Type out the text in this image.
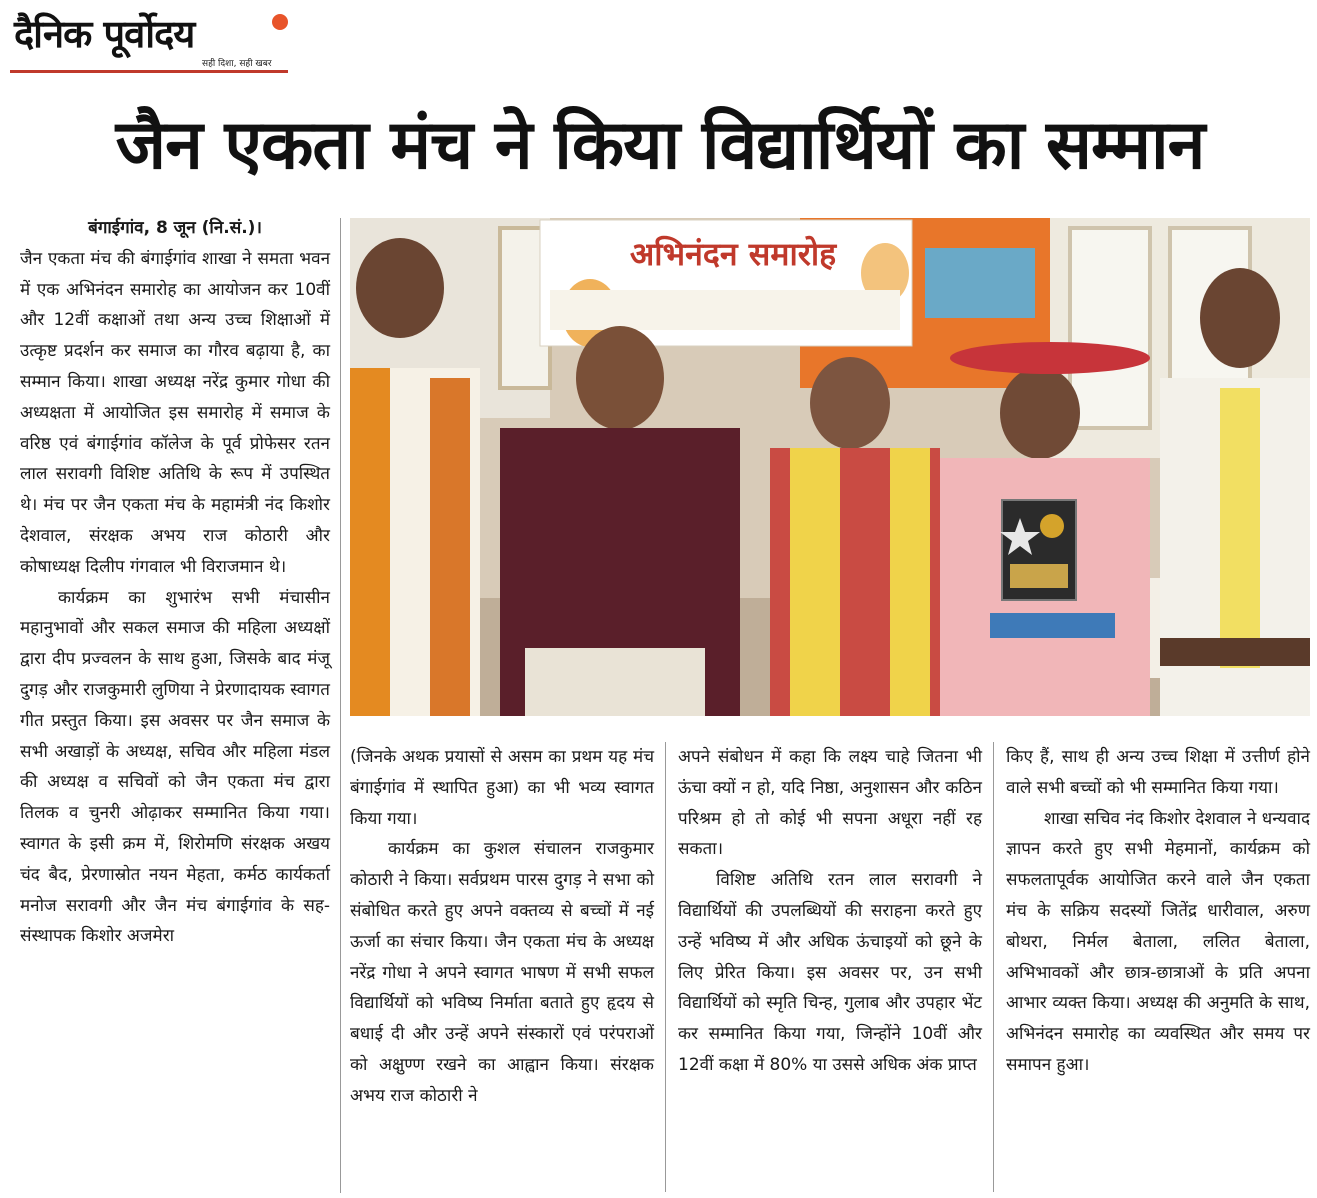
दैनिक पूर्वोदय
सही दिशा, सही खबर
जैन एकता मंच ने किया विद्यार्थियों का सम्मान

बंगाईगांव, 8 जून (नि.सं.)।

जैन एकता मंच की बंगाईगांव शाखा ने समता भवन में एक अभिनंदन समारोह का आयोजन कर 10वीं और 12वीं कक्षाओं तथा अन्य उच्च शिक्षाओं में उत्कृष्ट प्रदर्शन कर समाज का गौरव बढ़ाया है, का सम्मान किया। शाखा अध्यक्ष नरेंद्र कुमार गोधा की अध्यक्षता में आयोजित इस समारोह में समाज के वरिष्ठ एवं बंगाईगांव कॉलेज के पूर्व प्रोफेसर रतन लाल सरावगी विशिष्ट अतिथि के रूप में उपस्थित थे। मंच पर जैन एकता मंच के महामंत्री नंद किशोर देशवाल, संरक्षक अभय राज कोठारी और कोषाध्यक्ष दिलीप गंगवाल भी विराजमान थे।

कार्यक्रम का शुभारंभ सभी मंचासीन महानुभावों और सकल समाज की महिला अध्यक्षों द्वारा दीप प्रज्वलन के साथ हुआ, जिसके बाद मंजू दुगड़ और राजकुमारी लुणिया ने प्रेरणादायक स्वागत गीत प्रस्तुत किया। इस अवसर पर जैन समाज के सभी अखाड़ों के अध्यक्ष, सचिव और महिला मंडल की अध्यक्ष व सचिवों को जैन एकता मंच द्वारा तिलक व चुनरी ओढ़ाकर सम्मानित किया गया। स्वागत के इसी क्रम में, शिरोमणि संरक्षक अखय चंद बैद, प्रेरणास्रोत नयन मेहता, कर्मठ कार्यकर्ता मनोज सरावगी और जैन मंच बंगाईगांव के सह-संस्थापक किशोर अजमेरा

अभिनंदन समारोह

(जिनके अथक प्रयासों से असम का प्रथम यह मंच बंगाईगांव में स्थापित हुआ) का भी भव्य स्वागत किया गया।

कार्यक्रम का कुशल संचालन राजकुमार कोठारी ने किया। सर्वप्रथम पारस दुगड़ ने सभा को संबोधित करते हुए अपने वक्तव्य से बच्चों में नई ऊर्जा का संचार किया। जैन एकता मंच के अध्यक्ष नरेंद्र गोधा ने अपने स्वागत भाषण में सभी सफल विद्यार्थियों को भविष्य निर्माता बताते हुए हृदय से बधाई दी और उन्हें अपने संस्कारों एवं परंपराओं को अक्षुण्ण रखने का आह्वान किया। संरक्षक अभय राज कोठारी ने

अपने संबोधन में कहा कि लक्ष्य चाहे जितना भी ऊंचा क्यों न हो, यदि निष्ठा, अनुशासन और कठिन परिश्रम हो तो कोई भी सपना अधूरा नहीं रह सकता।

विशिष्ट अतिथि रतन लाल सरावगी ने विद्यार्थियों की उपलब्धियों की सराहना करते हुए उन्हें भविष्य में और अधिक ऊंचाइयों को छूने के लिए प्रेरित किया। इस अवसर पर, उन सभी विद्यार्थियों को स्मृति चिन्ह, गुलाब और उपहार भेंट कर सम्मानित किया गया, जिन्होंने 10वीं और 12वीं कक्षा में 80% या उससे अधिक अंक प्राप्त

किए हैं, साथ ही अन्य उच्च शिक्षा में उत्तीर्ण होने वाले सभी बच्चों को भी सम्मानित किया गया।

शाखा सचिव नंद किशोर देशवाल ने धन्यवाद ज्ञापन करते हुए सभी मेहमानों, कार्यक्रम को सफलतापूर्वक आयोजित करने वाले जैन एकता मंच के सक्रिय सदस्यों जितेंद्र धारीवाल, अरुण बोथरा, निर्मल बेताला, ललित बेताला, अभिभावकों और छात्र-छात्राओं के प्रति अपना आभार व्यक्त किया। अध्यक्ष की अनुमति के साथ, अभिनंदन समारोह का व्यवस्थित और समय पर समापन हुआ।
